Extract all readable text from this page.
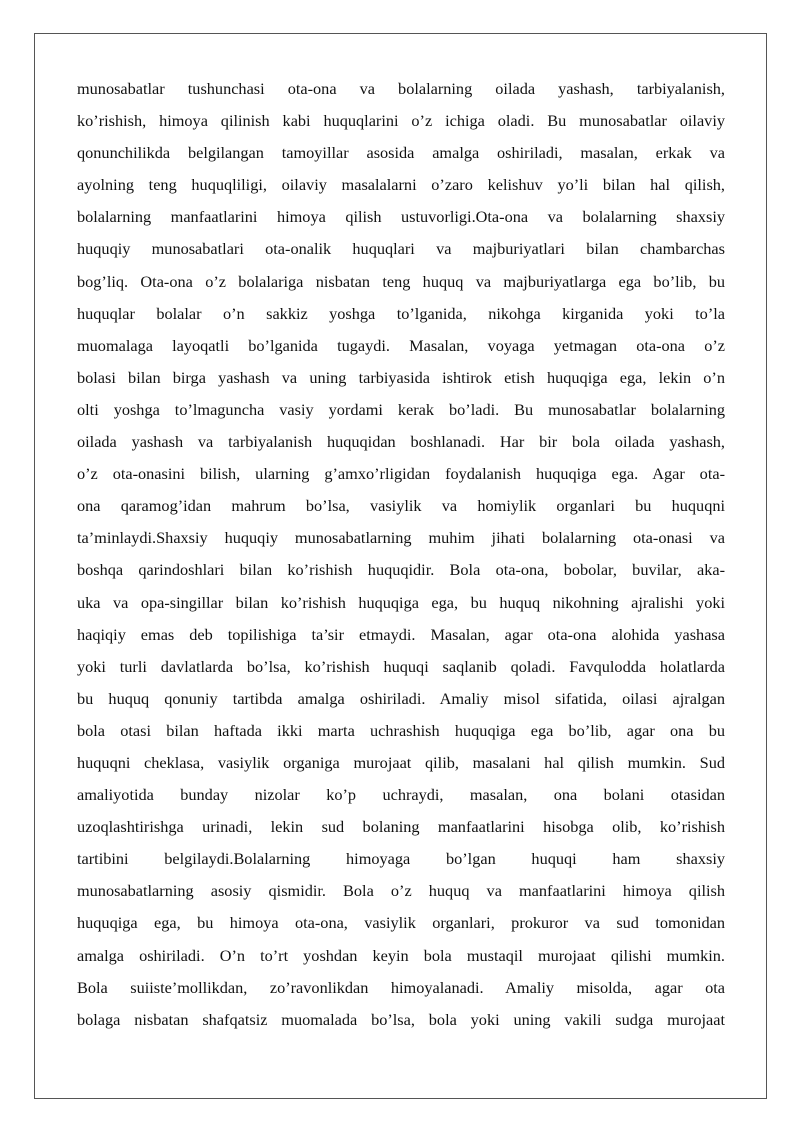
munosabatlar tushunchasi ota-ona va bolalarning oilada yashash, tarbiyalanish,
ko’rishish, himoya qilinish kabi huquqlarini o’z ichiga oladi. Bu munosabatlar oilaviy
qonunchilikda belgilangan tamoyillar asosida amalga oshiriladi, masalan, erkak va
ayolning teng huquqliligi, oilaviy masalalarni o’zaro kelishuv yo’li bilan hal qilish,
bolalarning manfaatlarini himoya qilish ustuvorligi.Ota-ona va bolalarning shaxsiy
huquqiy munosabatlari ota-onalik huquqlari va majburiyatlari bilan chambarchas
bog’liq. Ota-ona o’z bolalariga nisbatan teng huquq va majburiyatlarga ega bo’lib, bu
huquqlar bolalar o’n sakkiz yoshga to’lganida, nikohga kirganida yoki to’la
muomalaga layoqatli bo’lganida tugaydi. Masalan, voyaga yetmagan ota-ona o’z
bolasi bilan birga yashash va uning tarbiyasida ishtirok etish huquqiga ega, lekin o’n
olti yoshga to’lmaguncha vasiy yordami kerak bo’ladi. Bu munosabatlar bolalarning
oilada yashash va tarbiyalanish huquqidan boshlanadi. Har bir bola oilada yashash,
o’z ota-onasini bilish, ularning g’amxo’rligidan foydalanish huquqiga ega. Agar ota-
ona qaramog’idan mahrum bo’lsa, vasiylik va homiylik organlari bu huquqni
ta’minlaydi.Shaxsiy huquqiy munosabatlarning muhim jihati bolalarning ota-onasi va
boshqa qarindoshlari bilan ko’rishish huquqidir. Bola ota-ona, bobolar, buvilar, aka-
uka va opa-singillar bilan ko’rishish huquqiga ega, bu huquq nikohning ajralishi yoki
haqiqiy emas deb topilishiga ta’sir etmaydi. Masalan, agar ota-ona alohida yashasa
yoki turli davlatlarda bo’lsa, ko’rishish huquqi saqlanib qoladi. Favqulodda holatlarda
bu huquq qonuniy tartibda amalga oshiriladi. Amaliy misol sifatida, oilasi ajralgan
bola otasi bilan haftada ikki marta uchrashish huquqiga ega bo’lib, agar ona bu
huquqni cheklasa, vasiylik organiga murojaat qilib, masalani hal qilish mumkin. Sud
amaliyotida bunday nizolar ko’p uchraydi, masalan, ona bolani otasidan
uzoqlashtirishga urinadi, lekin sud bolaning manfaatlarini hisobga olib, ko’rishish
tartibini belgilaydi.Bolalarning himoyaga bo’lgan huquqi ham shaxsiy
munosabatlarning asosiy qismidir. Bola o’z huquq va manfaatlarini himoya qilish
huquqiga ega, bu himoya ota-ona, vasiylik organlari, prokuror va sud tomonidan
amalga oshiriladi. O’n to’rt yoshdan keyin bola mustaqil murojaat qilishi mumkin.
Bola suiiste’mollikdan, zo’ravonlikdan himoyalanadi. Amaliy misolda, agar ota
bolaga nisbatan shafqatsiz muomalada bo’lsa, bola yoki uning vakili sudga murojaat
